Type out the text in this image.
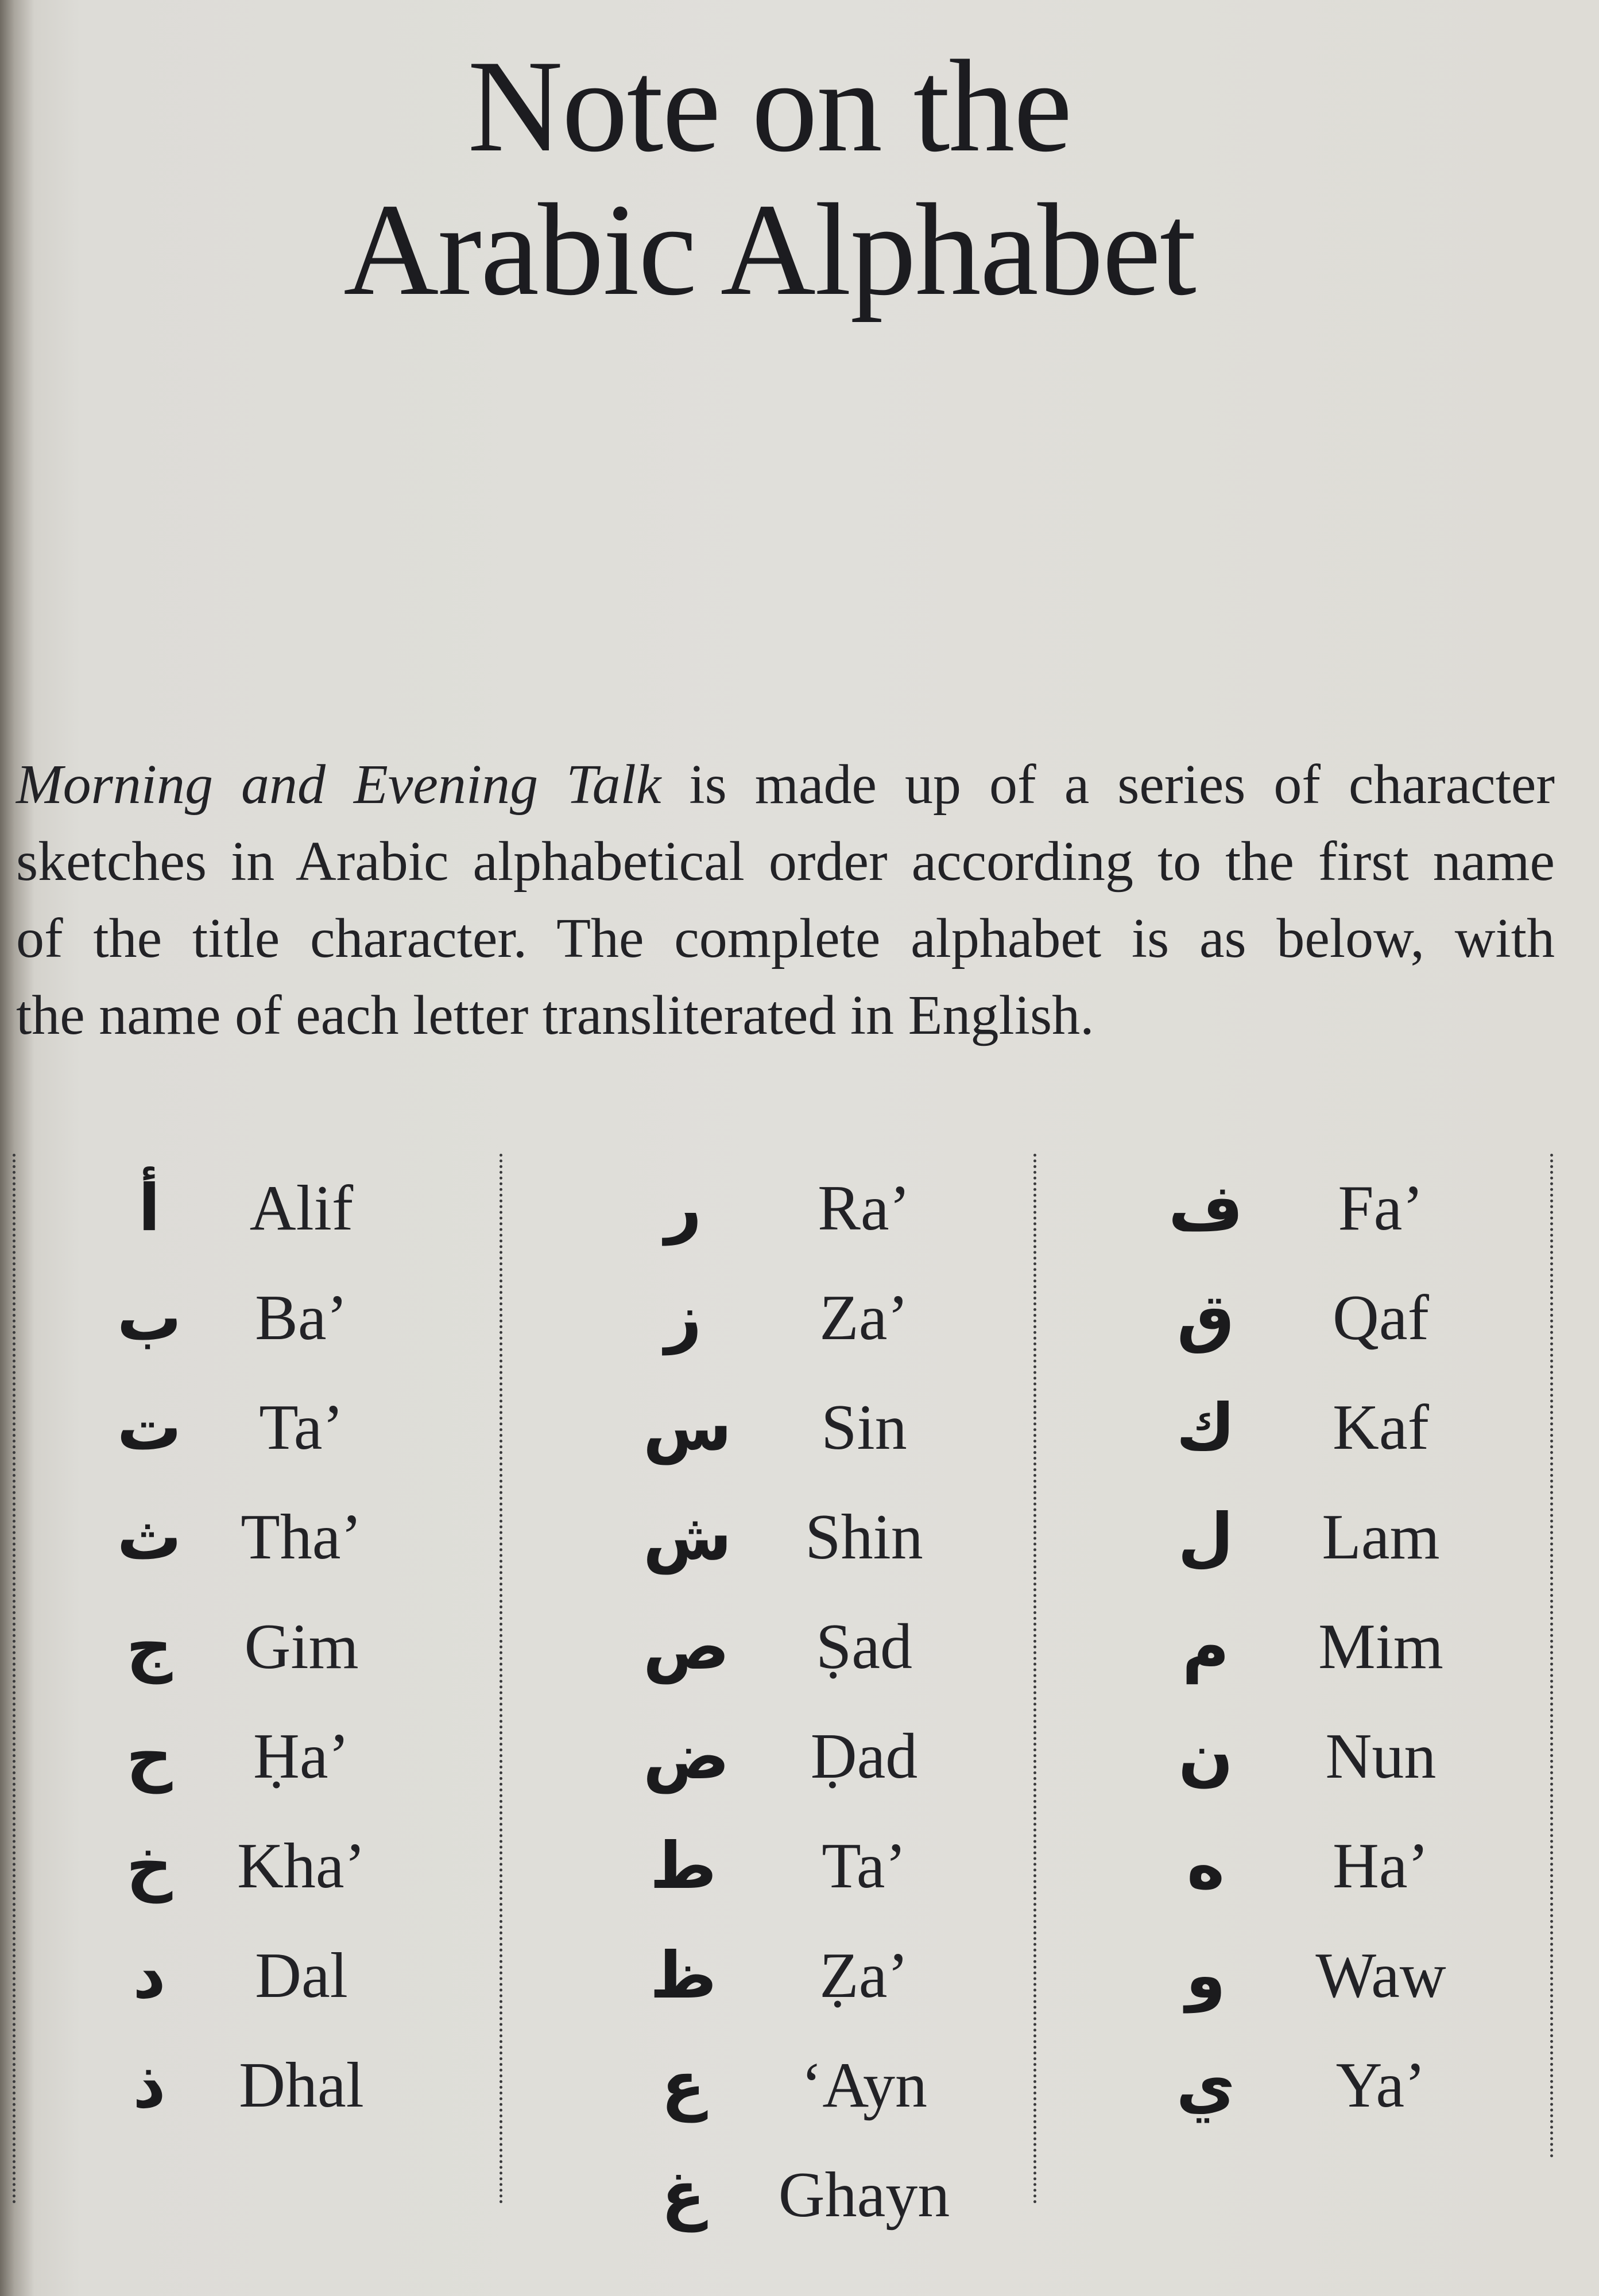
Note on the
Arabic Alphabet
Morning and Evening Talk is made up of a series of character
sketches in Arabic alphabetical order according to the first name
of the title character. The complete alphabet is as below, with
the name of each letter transliterated in English.
أ	Alif
ب	Ba’
ت	Ta’
ث Tha’
ج	Gim
ح	Ḥa’
خ	Kha’
د	Dal
ذ	Dhal
ر	Ra’
ز	Za’
س	Sin
ش	Shin
ص	Ṣad
ض	Ḍad
ط	Ta’
ظ	Ẓa’
ع	‘Ayn
غ	Ghayn
ف	Fa’
ق	Qaf
ك	Kaf
ل	Lam
م	Mim
ن	Nun
ه	Ha’
و	Waw
ي	Ya’
